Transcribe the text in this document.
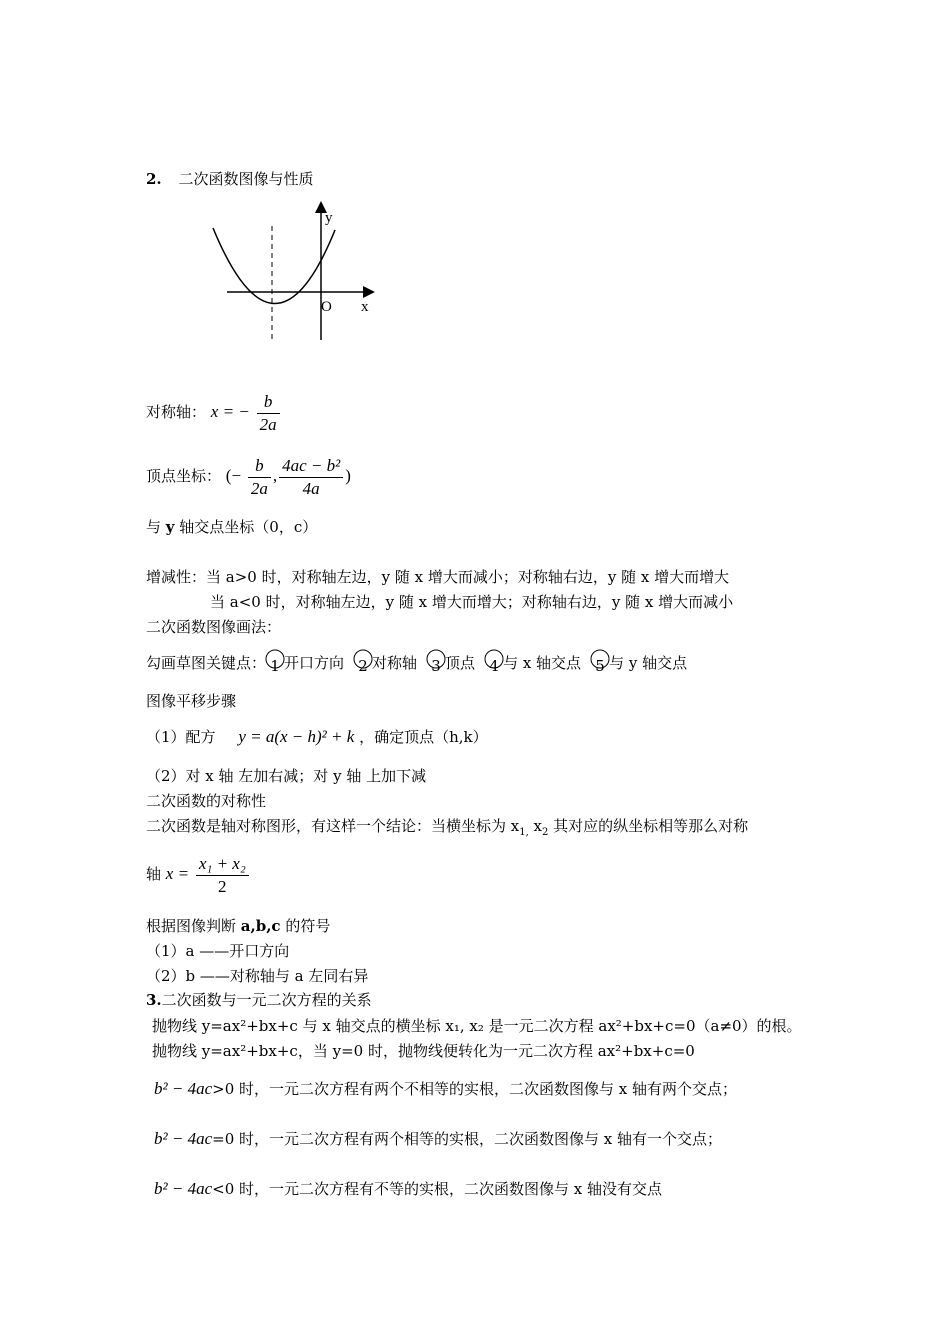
2. 二次函数图像与性质
y
O x
对称轴： x = − $\frac{b}{2a}$
顶点坐标： (− $\frac{b}{2a}$ , $\frac{\text{4ac − b²}}{4a}$ )
与 y 轴交点坐标（0，c）
增减性：当 a>0 时，对称轴左边，y 随 x 增大而减小；对称轴右边，y 随 x 增大而增大
当 a<0 时，对称轴左边，y 随 x 增大而增大；对称轴右边，y 随 x 增大而减小
二次函数图像画法：
勾画草图关键点： 1 开口方向 2 对称轴 3 顶点 4 与 x 轴交点 5 与 y 轴交点
图像平移步骤
（1）配方 y = a(x − h)² + k ，确定顶点（h,k）
（2）对 x 轴 左加右减；对 y 轴 上加下减
二次函数的对称性
二次函数是轴对称图形，有这样一个结论：当横坐标为 $x_{1,}$ $x_2$ 其对应的纵坐标相等那么对称
轴 $x = \frac{\text{x₁ + x₂}}{2}$
根据图像判断 a,b,c 的符号
（1）a ——开口方向
（2）b ——对称轴与 a 左同右异
3.二次函数与一元二次方程的关系
抛物线 y=ax²+bx+c 与 x 轴交点的横坐标 x₁, x₂ 是一元二次方程 ax²+bx+c=0（a≠0）的根。
抛物线 y=ax²+bx+c，当 y=0 时，抛物线便转化为一元二次方程 ax²+bx+c=0
b² − 4ac>0 时，一元二次方程有两个不相等的实根，二次函数图像与 x 轴有两个交点；
b² − 4ac=0 时，一元二次方程有两个相等的实根，二次函数图像与 x 轴有一个交点；
b² − 4ac<0 时，一元二次方程有不等的实根，二次函数图像与 x 轴没有交点
